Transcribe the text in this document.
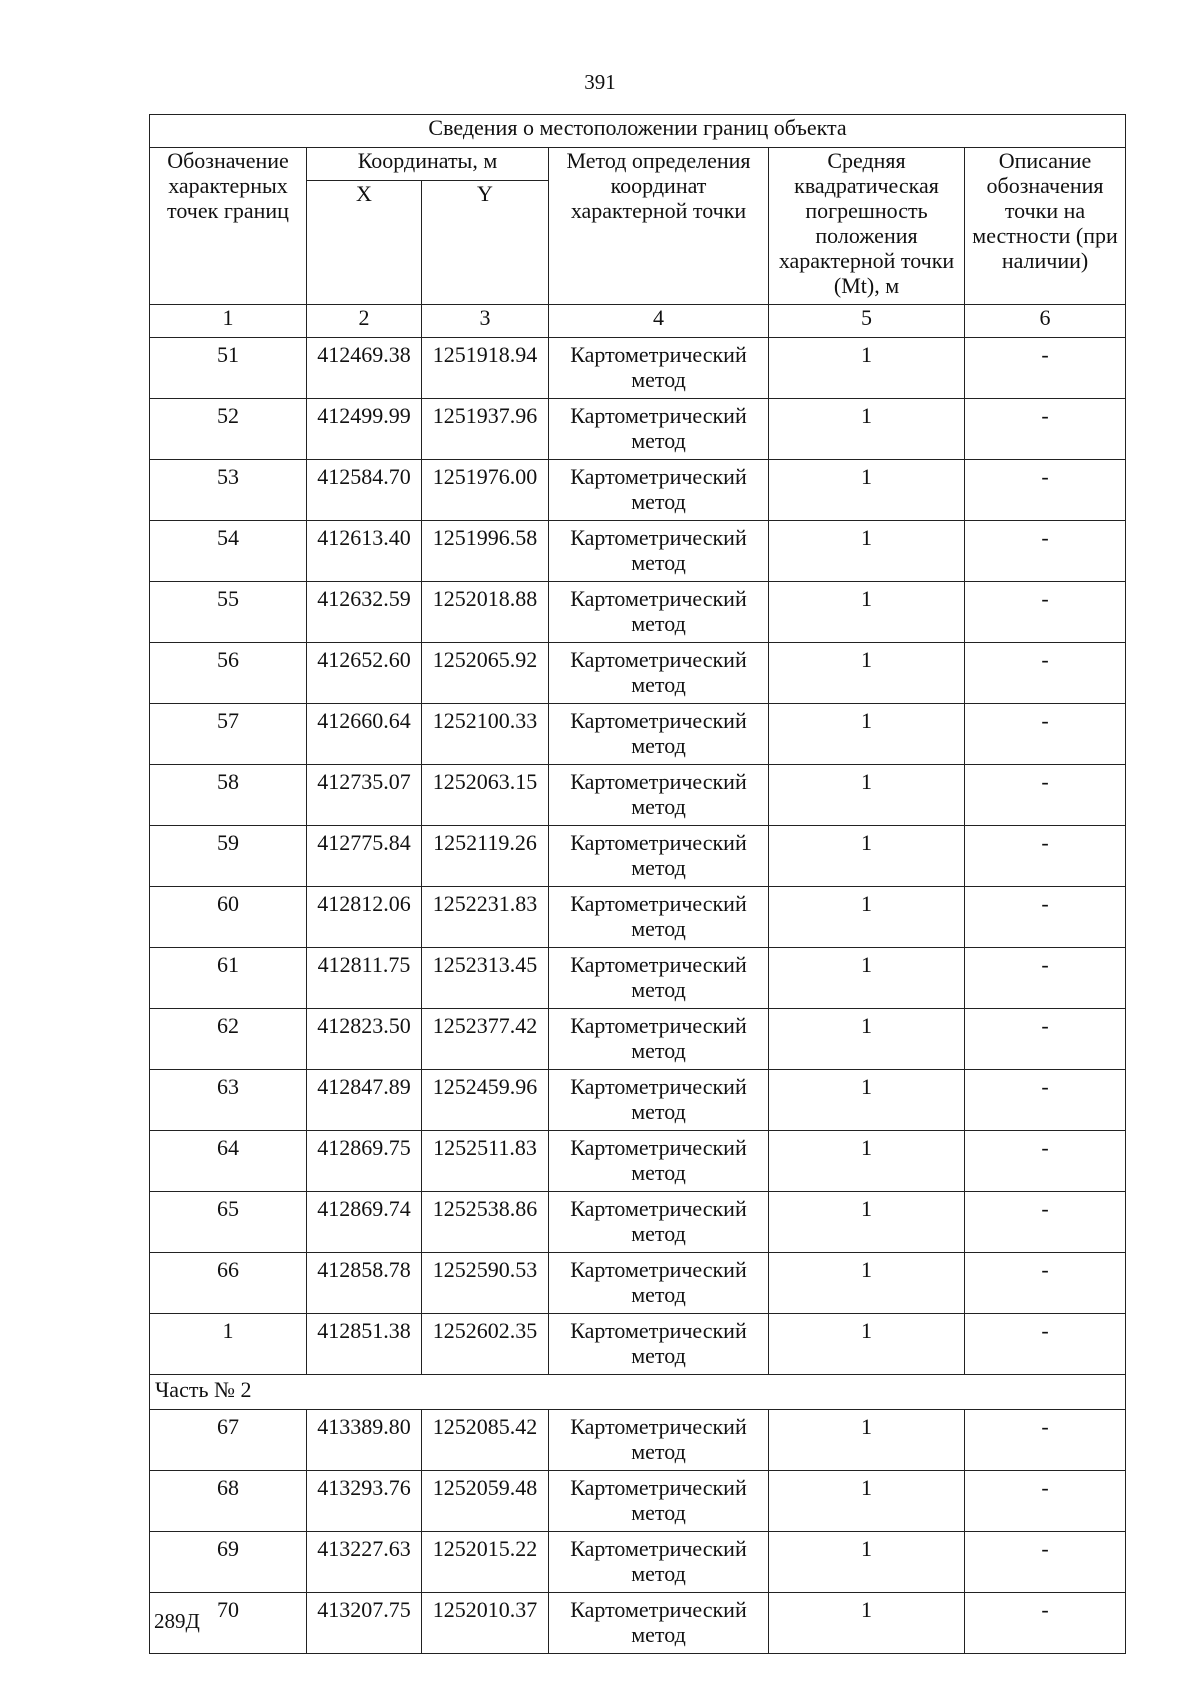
391
Сведения о местоположении границ объекта					
Обозначение характерных точек границ	Координаты, м		Метод определения координат характерной точки	Средняя квадратическая погрешность положения характерной точки (Mt), м	Описание обозначения точки на местности (при наличии)
	X	Y			
1	2	3	4	5	6
51	412469.38	1251918.94	Картометрический метод	1	-
52	412499.99	1251937.96	Картометрический метод	1	-
53	412584.70	1251976.00	Картометрический метод	1	-
54	412613.40	1251996.58	Картометрический метод	1	-
55	412632.59	1252018.88	Картометрический метод	1	-
56	412652.60	1252065.92	Картометрический метод	1	-
57	412660.64	1252100.33	Картометрический метод	1	-
58	412735.07	1252063.15	Картометрический метод	1	-
59	412775.84	1252119.26	Картометрический метод	1	-
60	412812.06	1252231.83	Картометрический метод	1	-
61	412811.75	1252313.45	Картометрический метод	1	-
62	412823.50	1252377.42	Картометрический метод	1	-
63	412847.89	1252459.96	Картометрический метод	1	-
64	412869.75	1252511.83	Картометрический метод	1	-
65	412869.74	1252538.86	Картометрический метод	1	-
66	412858.78	1252590.53	Картометрический метод	1	-
1	412851.38	1252602.35	Картометрический метод	1	-
Часть № 2					
67	413389.80	1252085.42	Картометрический метод	1	-
68	413293.76	1252059.48	Картометрический метод	1	-
69	413227.63	1252015.22	Картометрический метод	1	-
70	413207.75	1252010.37	Картометрический метод	1	-
289Д
